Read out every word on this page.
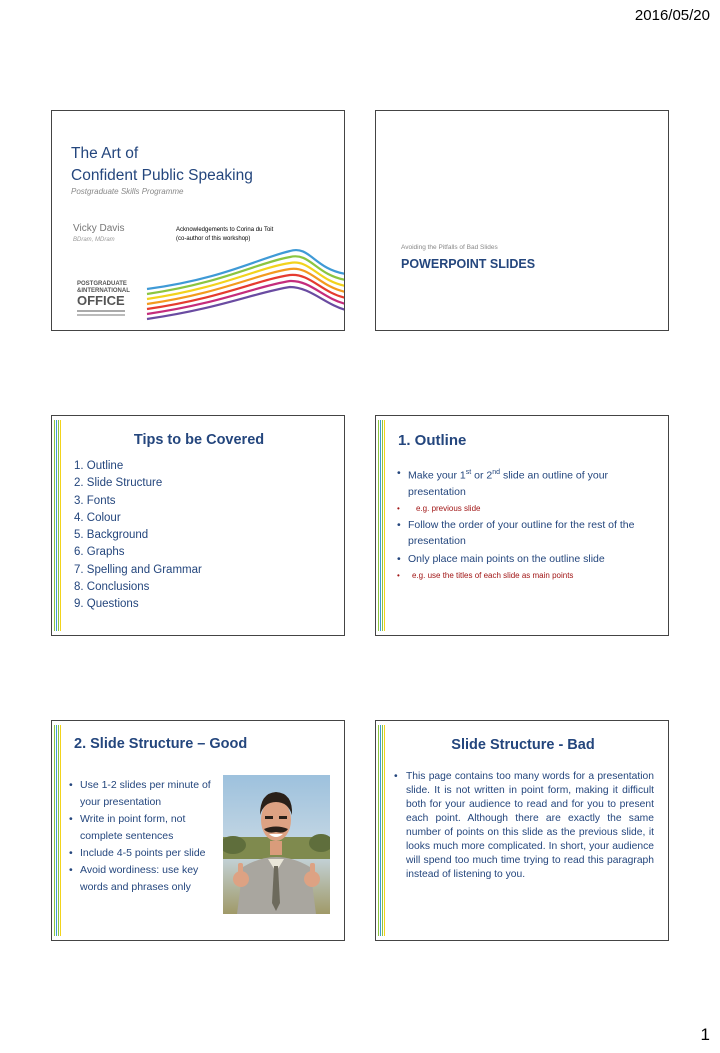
2016/05/20
The Art of
Confident Public Speaking
Postgraduate Skills Programme
Vicky Davis
BDram, MDram
Acknowledgements to Corina du Toit
(co-author of this workshop)
POSTGRADUATE
&INTERNATIONAL
OFFICE
Avoiding the Pitfalls of Bad Slides
POWERPOINT SLIDES
Tips to be Covered
1. Outline
2. Slide Structure
3. Fonts
4. Colour
5. Background
6. Graphs
7. Spelling and Grammar
8. Conclusions
9. Questions
1. Outline
• Make your 1st or 2nd slide an outline of your presentation
• e.g. previous slide
• Follow the order of your outline for the rest of the presentation
• Only place main points on the outline slide
• e.g. use the titles of each slide as main points
2. Slide Structure – Good
• Use 1-2 slides per minute of your presentation
• Write in point form, not complete sentences
• Include 4-5 points per slide
• Avoid wordiness: use key words and phrases only
Slide Structure - Bad
• This page contains too many words for a presentation slide. It is not written in point form, making it difficult both for your audience to read and for you to present each point. Although there are exactly the same number of points on this slide as the previous slide, it looks much more complicated. In short, your audience will spend too much time trying to read this paragraph instead of listening to you.
1
